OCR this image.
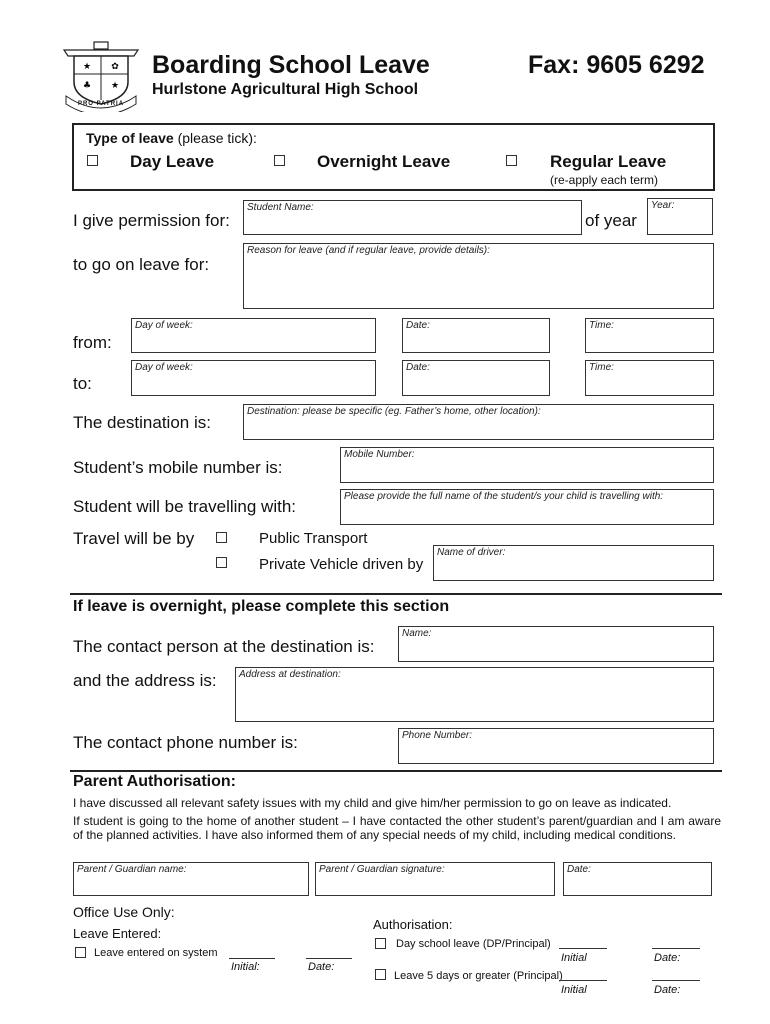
★ ✿
♣ ★
PRO PATRIA
Boarding School Leave	Fax: 9605 6292
Hurlstone Agricultural High School
Type of leave (please tick):
Day Leave	Overnight Leave	Regular Leave
(re-apply each term)
I give permission for:
Student Name:
of year
Year:
to go on leave for:
Reason for leave (and if regular leave, provide details):
from:
Day of week:	Date:	Time:
to:
Day of week:	Date:	Time:
The destination is:
Destination: please be specific (eg. Father’s home, other location):
Student’s mobile number is:
Mobile Number:
Student will be travelling with:
Please provide the full name of the student/s your child is travelling with:
Travel will be by	Public Transport
Private Vehicle driven by
Name of driver:
If leave is overnight, please complete this section
The contact person at the destination is:
Name:
and the address is: Address at destination:
The contact phone number is:	Phone Number:
Parent Authorisation:
I have discussed all relevant safety issues with my child and give him/her permission to go on leave as indicated.
If student is going to the home of another student – I have contacted the other student’s parent/guardian and I am aware of the planned activities. I have also informed them of any special needs of my child, including medical conditions.
Parent / Guardian name:	Parent / Guardian signature:	Date:
Office Use Only:
Leave Entered:
Leave entered on system
Initial:	Date:
Authorisation:
Day school leave (DP/Principal)
Initial	Date:
Leave 5 days or greater (Principal)
Initial	Date:
